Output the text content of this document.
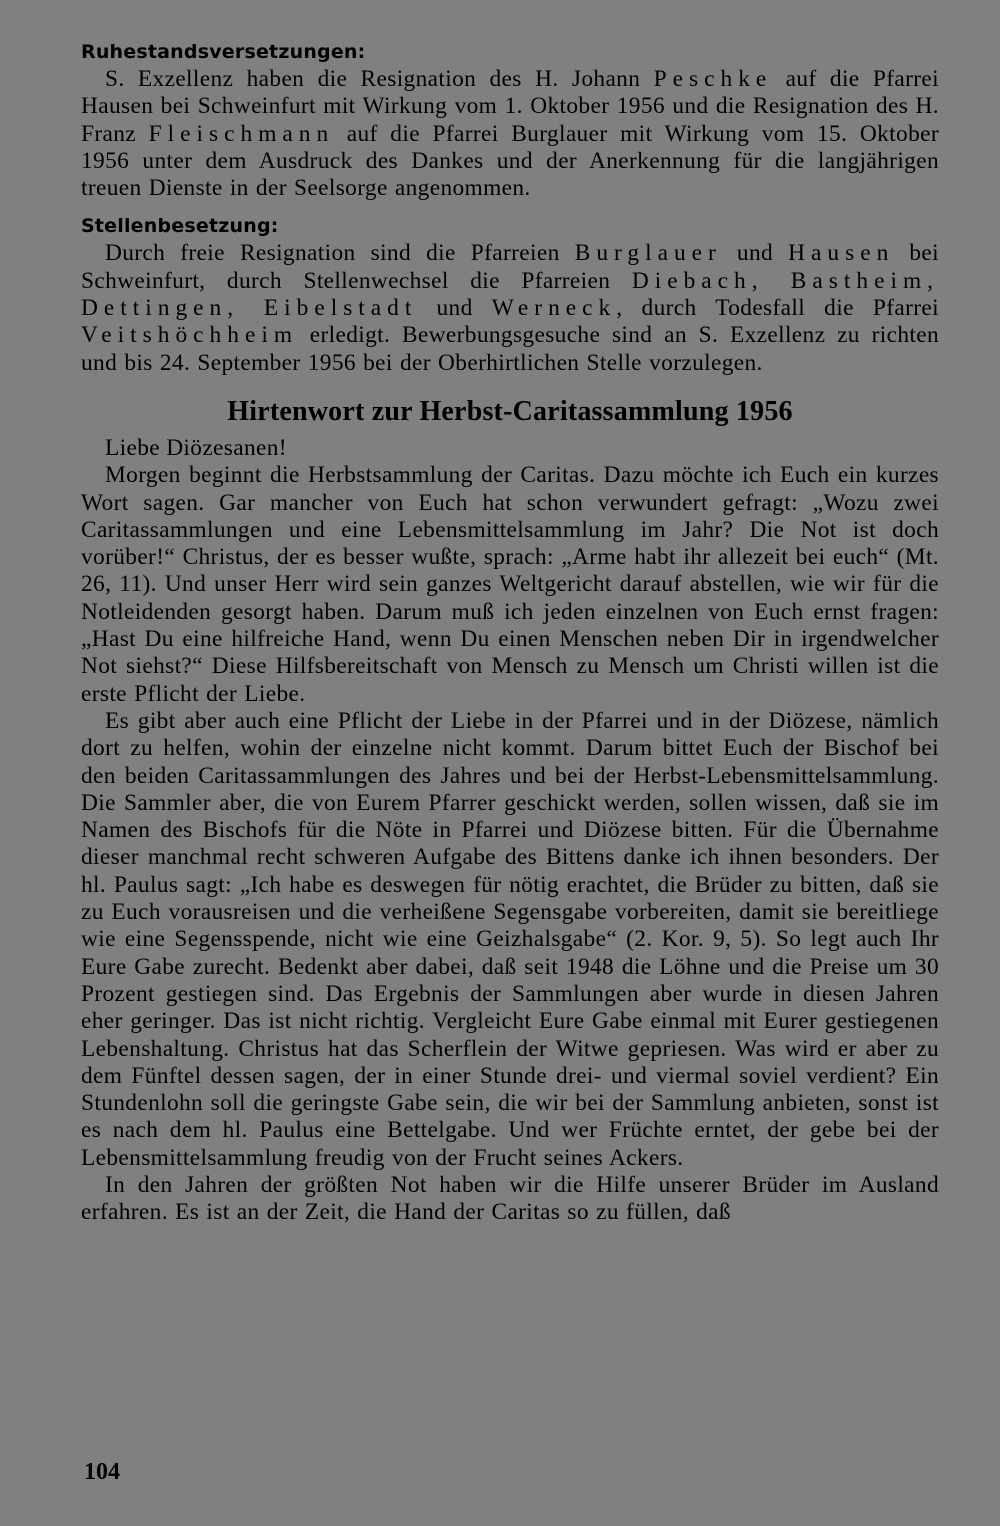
Ruhestandsversetzungen:

S. Exzellenz haben die Resignation des H. Johann Peschke auf die Pfarrei Hausen bei Schweinfurt mit Wirkung vom 1. Oktober 1956 und die Resignation des H. Franz Fleischmann auf die Pfarrei Burglauer mit Wirkung vom 15. Oktober 1956 unter dem Ausdruck des Dankes und der Anerkennung für die langjährigen treuen Dienste in der Seelsorge angenommen.

Stellenbesetzung:

Durch freie Resignation sind die Pfarreien Burglauer und Hausen bei Schweinfurt, durch Stellenwechsel die Pfarreien Diebach, Bastheim, Dettingen, Eibelstadt und Werneck, durch Todesfall die Pfarrei Veitshöchheim erledigt. Bewerbungsgesuche sind an S. Exzellenz zu richten und bis 24. September 1956 bei der Oberhirtlichen Stelle vorzulegen.

Hirtenwort zur Herbst-Caritassammlung 1956

Liebe Diözesanen!

Morgen beginnt die Herbstsammlung der Caritas. Dazu möchte ich Euch ein kurzes Wort sagen. Gar mancher von Euch hat schon verwundert gefragt: „Wozu zwei Caritassammlungen und eine Lebensmittelsammlung im Jahr? Die Not ist doch vorüber!“ Christus, der es besser wußte, sprach: „Arme habt ihr allezeit bei euch“ (Mt. 26, 11). Und unser Herr wird sein ganzes Weltgericht darauf abstellen, wie wir für die Notleidenden gesorgt haben. Darum muß ich jeden einzelnen von Euch ernst fragen: „Hast Du eine hilfreiche Hand, wenn Du einen Menschen neben Dir in irgendwelcher Not siehst?“ Diese Hilfsbereitschaft von Mensch zu Mensch um Christi willen ist die erste Pflicht der Liebe.

Es gibt aber auch eine Pflicht der Liebe in der Pfarrei und in der Diözese, nämlich dort zu helfen, wohin der einzelne nicht kommt. Darum bittet Euch der Bischof bei den beiden Caritassammlungen des Jahres und bei der Herbst-Lebensmittelsammlung. Die Sammler aber, die von Eurem Pfarrer geschickt werden, sollen wissen, daß sie im Namen des Bischofs für die Nöte in Pfarrei und Diözese bitten. Für die Übernahme dieser manchmal recht schweren Aufgabe des Bittens danke ich ihnen besonders. Der hl. Paulus sagt: „Ich habe es deswegen für nötig erachtet, die Brüder zu bitten, daß sie zu Euch vorausreisen und die verheißene Segensgabe vorbereiten, damit sie bereitliege wie eine Segensspende, nicht wie eine Geizhalsgabe“ (2. Kor. 9, 5). So legt auch Ihr Eure Gabe zurecht. Bedenkt aber dabei, daß seit 1948 die Löhne und die Preise um 30 Prozent gestiegen sind. Das Ergebnis der Sammlungen aber wurde in diesen Jahren eher geringer. Das ist nicht richtig. Vergleicht Eure Gabe einmal mit Eurer gestiegenen Lebenshaltung. Christus hat das Scherflein der Witwe gepriesen. Was wird er aber zu dem Fünftel dessen sagen, der in einer Stunde drei- und viermal soviel verdient? Ein Stundenlohn soll die geringste Gabe sein, die wir bei der Sammlung anbieten, sonst ist es nach dem hl. Paulus eine Bettelgabe. Und wer Früchte erntet, der gebe bei der Lebensmittelsammlung freudig von der Frucht seines Ackers.

In den Jahren der größten Not haben wir die Hilfe unserer Brüder im Ausland erfahren. Es ist an der Zeit, die Hand der Caritas so zu füllen, daß

104
